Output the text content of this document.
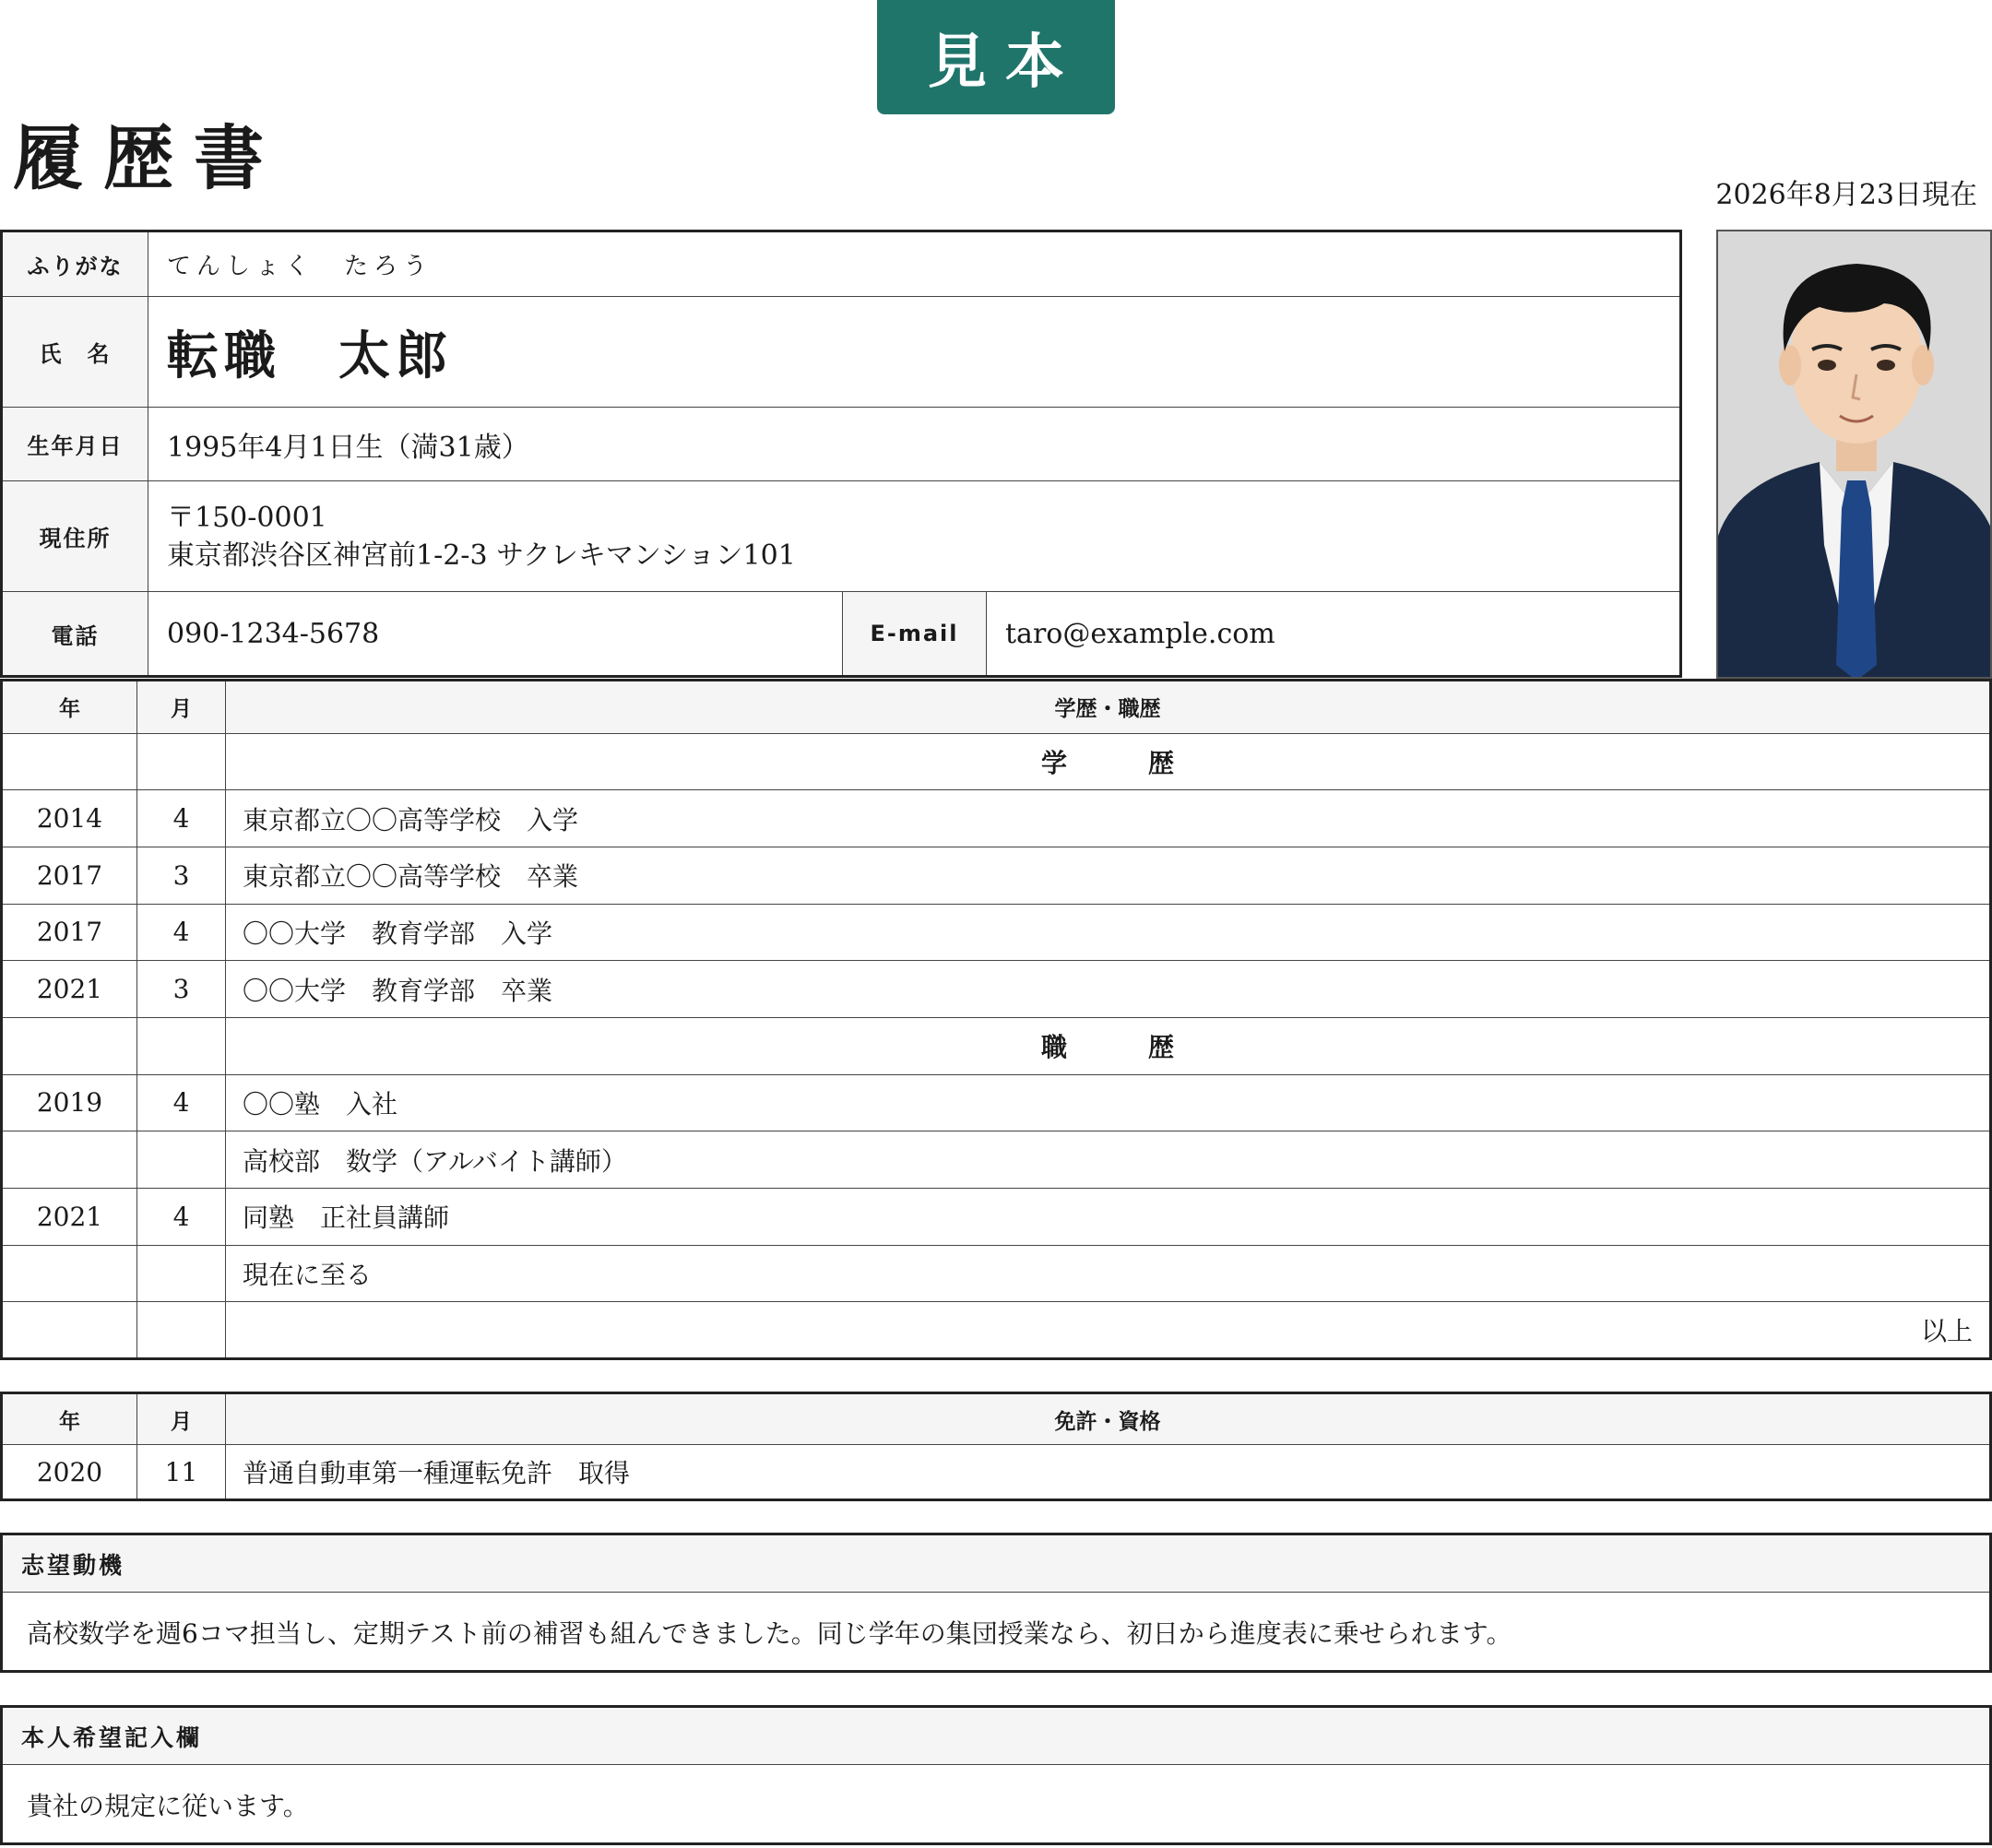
見本
履歴書	2026年8月23日現在
ふりがな	てんしょく　たろう
氏　名	転職　太郎
生年月日	1995年4月1日生（満31歳）
現住所
〒150-0001
東京都渋谷区神宮前1-2-3 サクレキマンション101
電話	090-1234-5678	E-mail	taro@example.com
年	月	学歴・職歴
		学　歴
2014	4	東京都立〇〇高等学校　入学
2017	3	東京都立〇〇高等学校　卒業
2017	4	〇〇大学　教育学部　入学
2021	3	〇〇大学　教育学部　卒業
		職　歴
2019	4	〇〇塾　入社
		高校部　数学（アルバイト講師）
2021	4	同塾　正社員講師
		現在に至る
		以上
年	月	免許・資格
2020	11	普通自動車第一種運転免許　取得
志望動機
高校数学を週6コマ担当し、定期テスト前の補習も組んできました。同じ学年の集団授業なら、初日から進度表に乗せられます。
本人希望記入欄
貴社の規定に従います。
